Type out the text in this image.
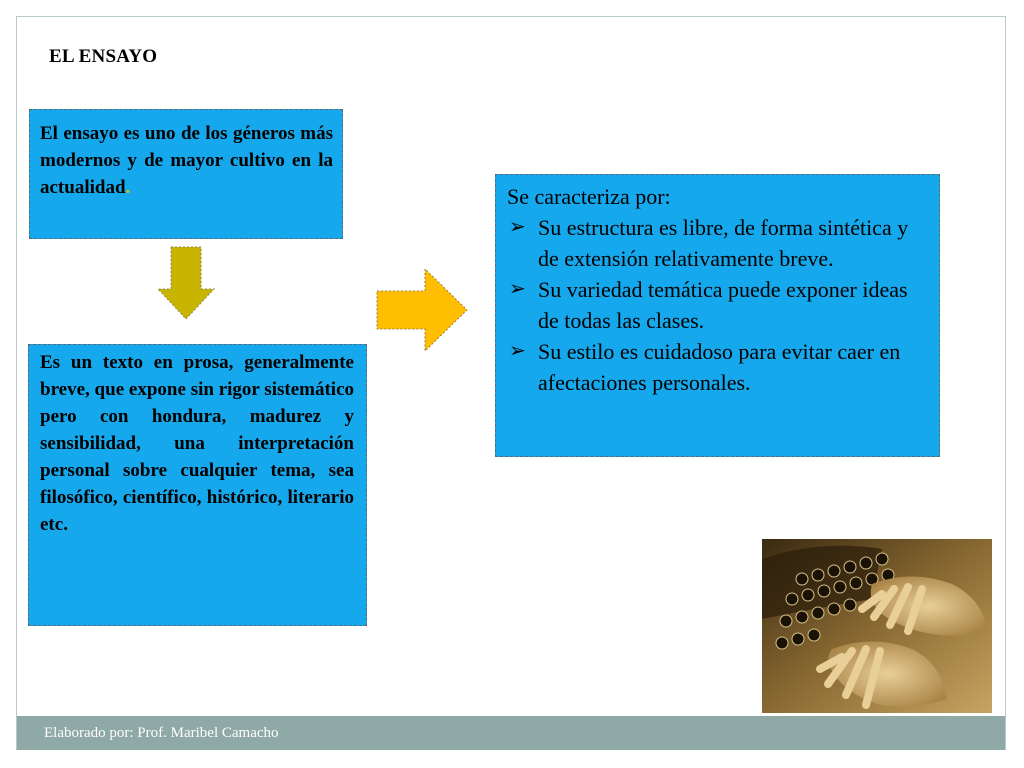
EL ENSAYO
El ensayo es uno de los géneros más modernos y de mayor cultivo en la actualidad.
Es un texto en prosa, generalmente breve, que expone sin rigor sistemático pero con hondura, madurez y sensibilidad, una interpretación personal sobre cualquier tema, sea filosófico, científico, histórico, literario etc.
Se caracteriza por:
➢ Su estructura es libre, de forma sintética y de extensión relativamente breve.
➢ Su variedad temática puede exponer ideas de todas las clases.
➢ Su estilo es cuidadoso para evitar caer en afectaciones personales.
Elaborado por: Prof. Maribel Camacho
